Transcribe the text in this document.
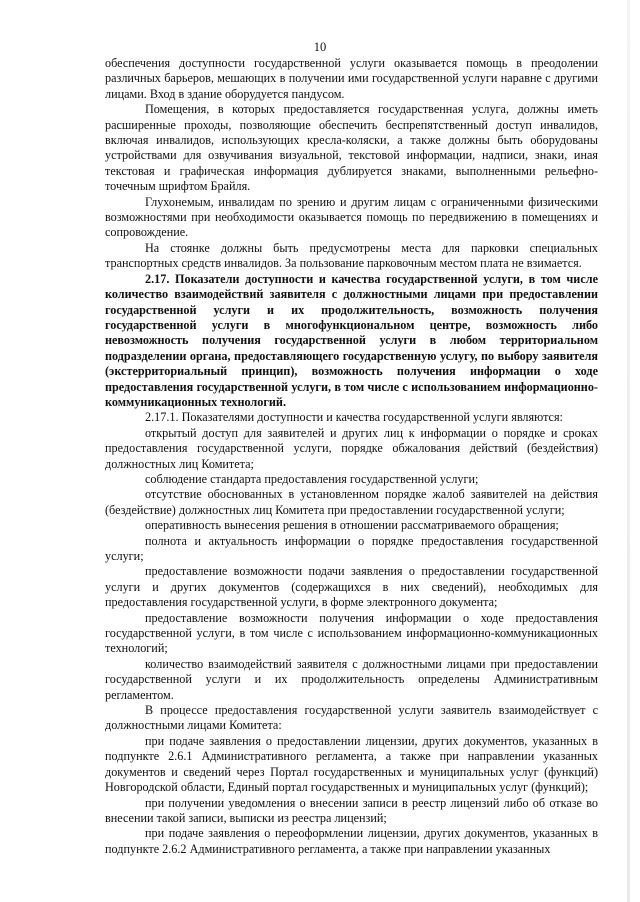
10

обеспечения доступности государственной услуги оказывается помощь в преодолении различных барьеров, мешающих в получении ими государственной услуги наравне с другими лицами. Вход в здание оборудуется пандусом.

Помещения, в которых предоставляется государственная услуга, должны иметь расширенные проходы, позволяющие обеспечить беспрепятственный доступ инвалидов, включая инвалидов, использующих кресла-коляски, а также должны быть оборудованы устройствами для озвучивания визуальной, текстовой информации, надписи, знаки, иная текстовая и графическая информация дублируется знаками, выполненными рельефно-точечным шрифтом Брайля.

Глухонемым, инвалидам по зрению и другим лицам с ограниченными физическими возможностями при необходимости оказывается помощь по передвижению в помещениях и сопровождение.

На стоянке должны быть предусмотрены места для парковки специальных транспортных средств инвалидов. За пользование парковочным местом плата не взимается.

2.17. Показатели доступности и качества государственной услуги, в том числе количество взаимодействий заявителя с должностными лицами при предоставлении государственной услуги и их продолжительность, возможность получения государственной услуги в многофункциональном центре, возможность либо невозможность получения государственной услуги в любом территориальном подразделении органа, предоставляющего государственную услугу, по выбору заявителя (экстерриториальный принцип), возможность получения информации о ходе предоставления государственной услуги, в том числе с использованием информационно-коммуникационных технологий.

2.17.1. Показателями доступности и качества государственной услуги являются:

открытый доступ для заявителей и других лиц к информации о порядке и сроках предоставления государственной услуги, порядке обжалования действий (бездействия) должностных лиц Комитета;

соблюдение стандарта предоставления государственной услуги;

отсутствие обоснованных в установленном порядке жалоб заявителей на действия (бездействие) должностных лиц Комитета при предоставлении государственной услуги;

оперативность вынесения решения в отношении рассматриваемого обращения;

полнота и актуальность информации о порядке предоставления государственной услуги;

предоставление возможности подачи заявления о предоставлении государственной услуги и других документов (содержащихся в них сведений), необходимых для предоставления государственной услуги, в форме электронного документа;

предоставление возможности получения информации о ходе предоставления государственной услуги, в том числе с использованием информационно-коммуникационных технологий;

количество взаимодействий заявителя с должностными лицами при предоставлении государственной услуги и их продолжительность определены Административным регламентом.

В процессе предоставления государственной услуги заявитель взаимодействует с должностными лицами Комитета:

при подаче заявления о предоставлении лицензии, других документов, указанных в подпункте 2.6.1 Административного регламента, а также при направлении указанных документов и сведений через Портал государственных и муниципальных услуг (функций) Новгородской области, Единый портал государственных и муниципальных услуг (функций);

при получении уведомления о внесении записи в реестр лицензий либо об отказе во внесении такой записи, выписки из реестра лицензий;

при подаче заявления о переоформлении лицензии, других документов, указанных в подпункте 2.6.2 Административного регламента, а также при направлении указанных
